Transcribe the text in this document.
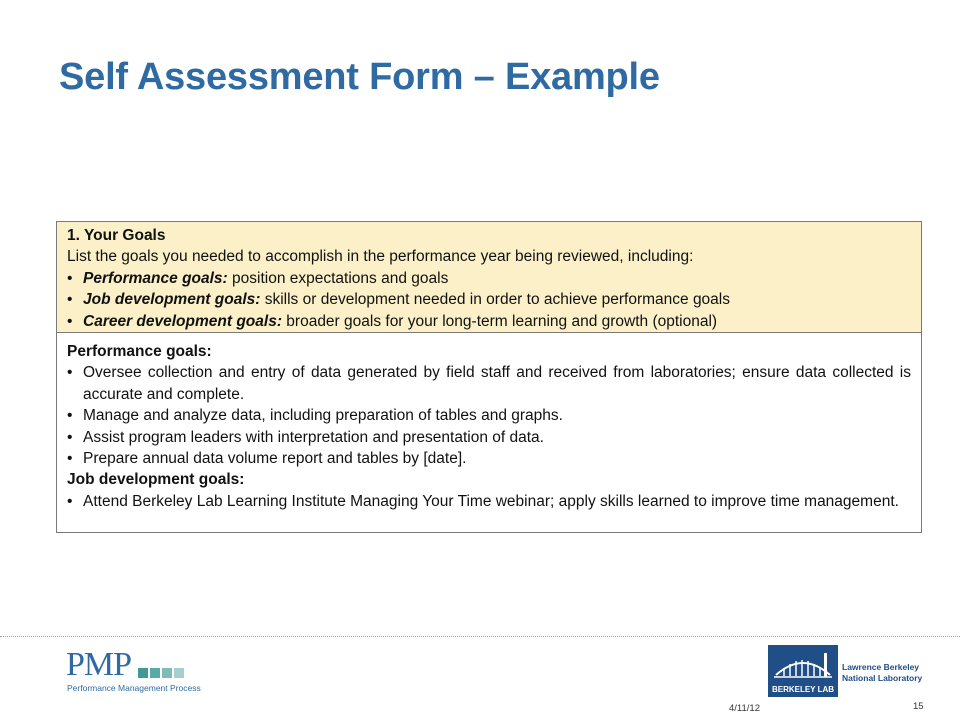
Self Assessment Form – Example
1. Your Goals
List the goals you needed to accomplish in the performance year being reviewed, including:
• Performance goals: position expectations and goals
• Job development goals: skills or development needed in order to achieve performance goals
• Career development goals: broader goals for your long-term learning and growth (optional)
Performance goals:
• Oversee collection and entry of data generated by field staff and received from laboratories; ensure data collected is accurate and complete.
• Manage and analyze data, including preparation of tables and graphs.
• Assist program leaders with interpretation and presentation of data.
• Prepare annual data volume report and tables by [date].
Job development goals:
• Attend Berkeley Lab Learning Institute Managing Your Time webinar; apply skills learned to improve time management.
PMP
Performance Management Process
4/11/12	15
BERKELEY LAB
Lawrence Berkeley
National Laboratory
